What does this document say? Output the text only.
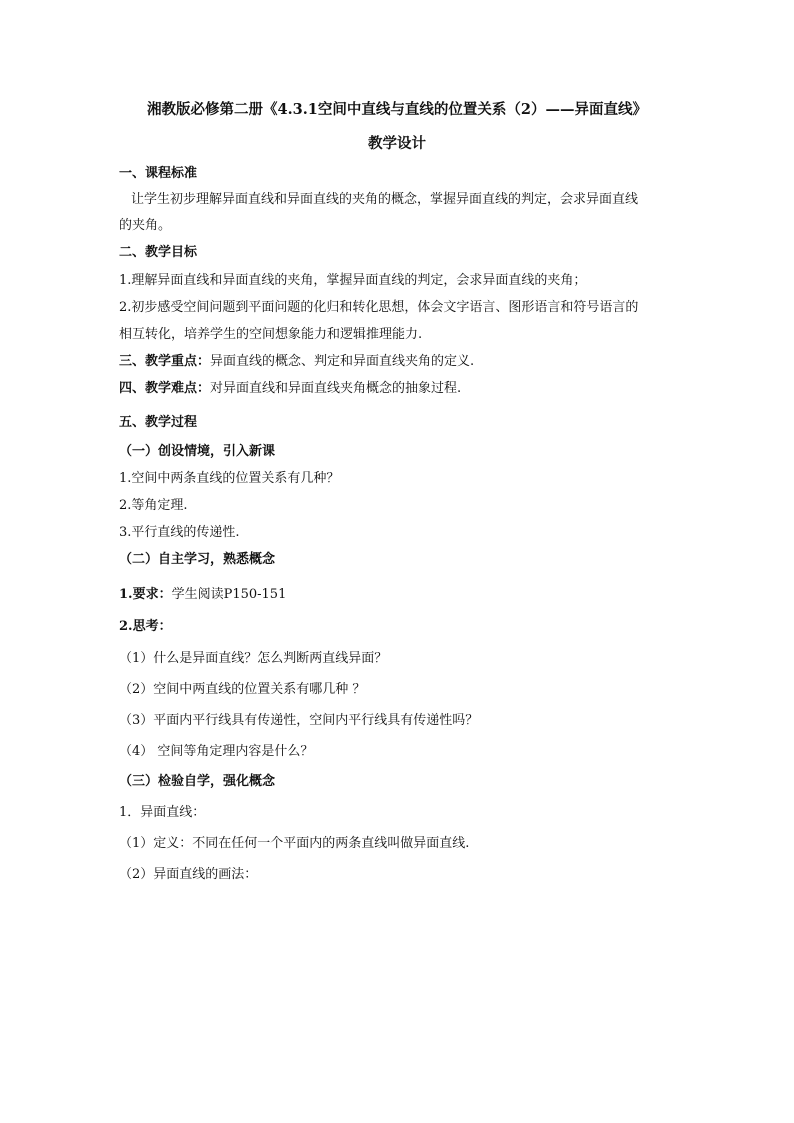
湘教版必修第二册《4.3.1空间中直线与直线的位置关系（2）——异面直线》
教学设计
一、课程标准
让学生初步理解异面直线和异面直线的夹角的概念，掌握异面直线的判定，会求异面直线
的夹角。
二、教学目标
1.理解异面直线和异面直线的夹角，掌握异面直线的判定，会求异面直线的夹角；
2.初步感受空间问题到平面问题的化归和转化思想，体会文字语言、图形语言和符号语言的
相互转化，培养学生的空间想象能力和逻辑推理能力.
三、教学重点：异面直线的概念、判定和异面直线夹角的定义.
四、教学难点：对异面直线和异面直线夹角概念的抽象过程.
五、教学过程
（一）创设情境，引入新课
1.空间中两条直线的位置关系有几种？
2.等角定理.
3.平行直线的传递性.
（二）自主学习，熟悉概念
1.要求：学生阅读P150-151
2.思考：
（1）什么是异面直线？怎么判断两直线异面？
（2）空间中两直线的位置关系有哪几种 ？
（3）平面内平行线具有传递性，空间内平行线具有传递性吗？
（4） 空间等角定理内容是什么？
（三）检验自学，强化概念
1．异面直线：
（1）定义：不同在任何一个平面内的两条直线叫做异面直线.
（2）异面直线的画法：
